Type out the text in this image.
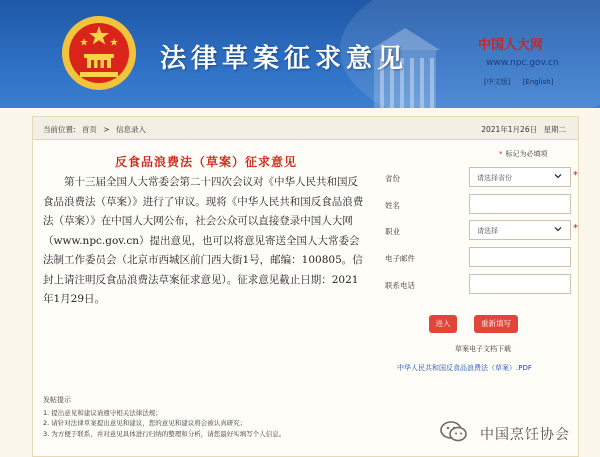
法律草案征求意见	中国人大网
www.npc.gov.cn
[中文版] [English]
当前位置: 首页 > 信息录入	2021年1月26日 星期二
反食品浪费法（草案）征求意见
第十三届全国人大常委会第二十四次会议对《中华人民共和国反食品浪费法（草案）》进行了审议。现将《中华人民共和国反食品浪费法（草案）》在中国人大网公布，社会公众可以直接登录中国人大网（www.npc.gov.cn）提出意见，也可以将意见寄送全国人大常委会法制工作委员会（北京市西城区前门西大街1号，邮编：100805。信封上请注明反食品浪费法草案征求意见）。征求意见截止日期：2021年1月29日。
发帖提示
1. 提出意见和建议请遵守相关法律法规；
2. 请针对法律草案提出意见和建议，您的意见和建议将会被认真研究；
3. 为方便于联系，并对意见具体进行归纳的整理和分析，请您最好实填写个人信息。
* 标记为必填项
省份	请选择省份	*
姓名
职业	请选择	*
电子邮件
联系电话
进入	重新填写
草案电子文档下载
中华人民共和国反食品浪费法（草案）.PDF
中国烹饪协会
